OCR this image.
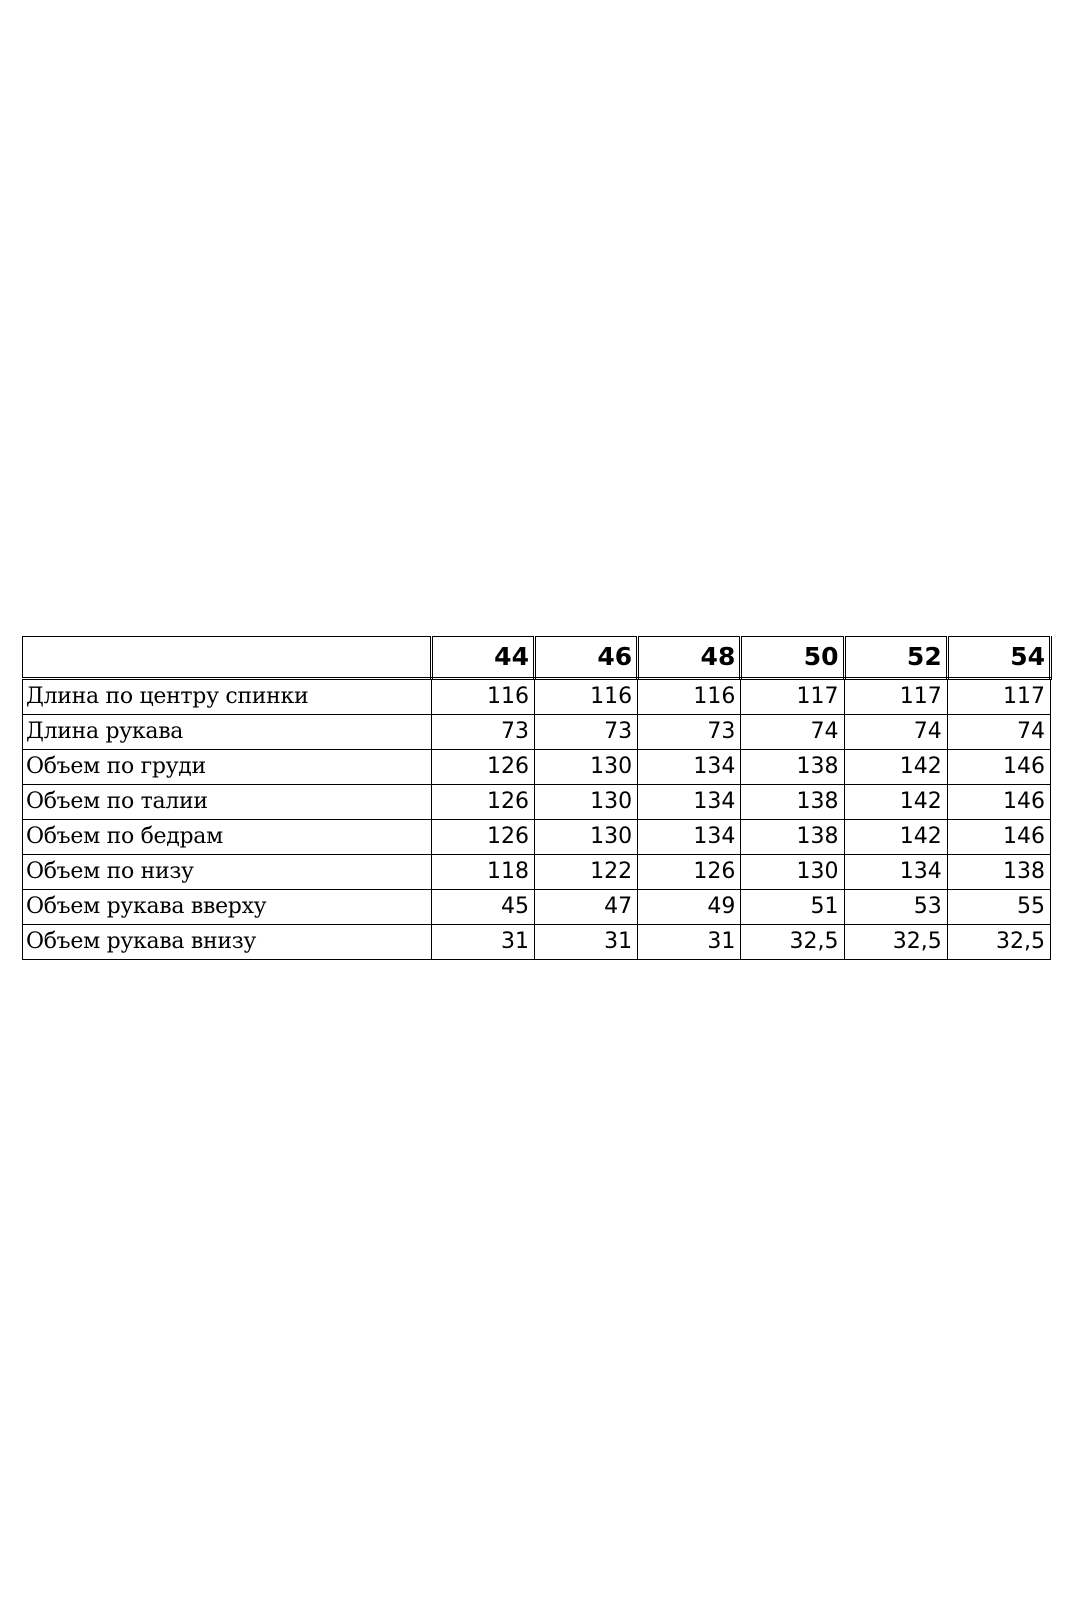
	44	46	48	50	52	54
Длина по центру спинки	116	116	116	117	117	117
Длина рукава	73	73	73	74	74	74
Объем по груди	126	130	134	138	142	146
Объем по талии	126	130	134	138	142	146
Объем по бедрам	126	130	134	138	142	146
Объем по низу	118	122	126	130	134	138
Объем рукава вверху	45	47	49	51	53	55
Объем рукава внизу	31	31	31	32,5	32,5	32,5
